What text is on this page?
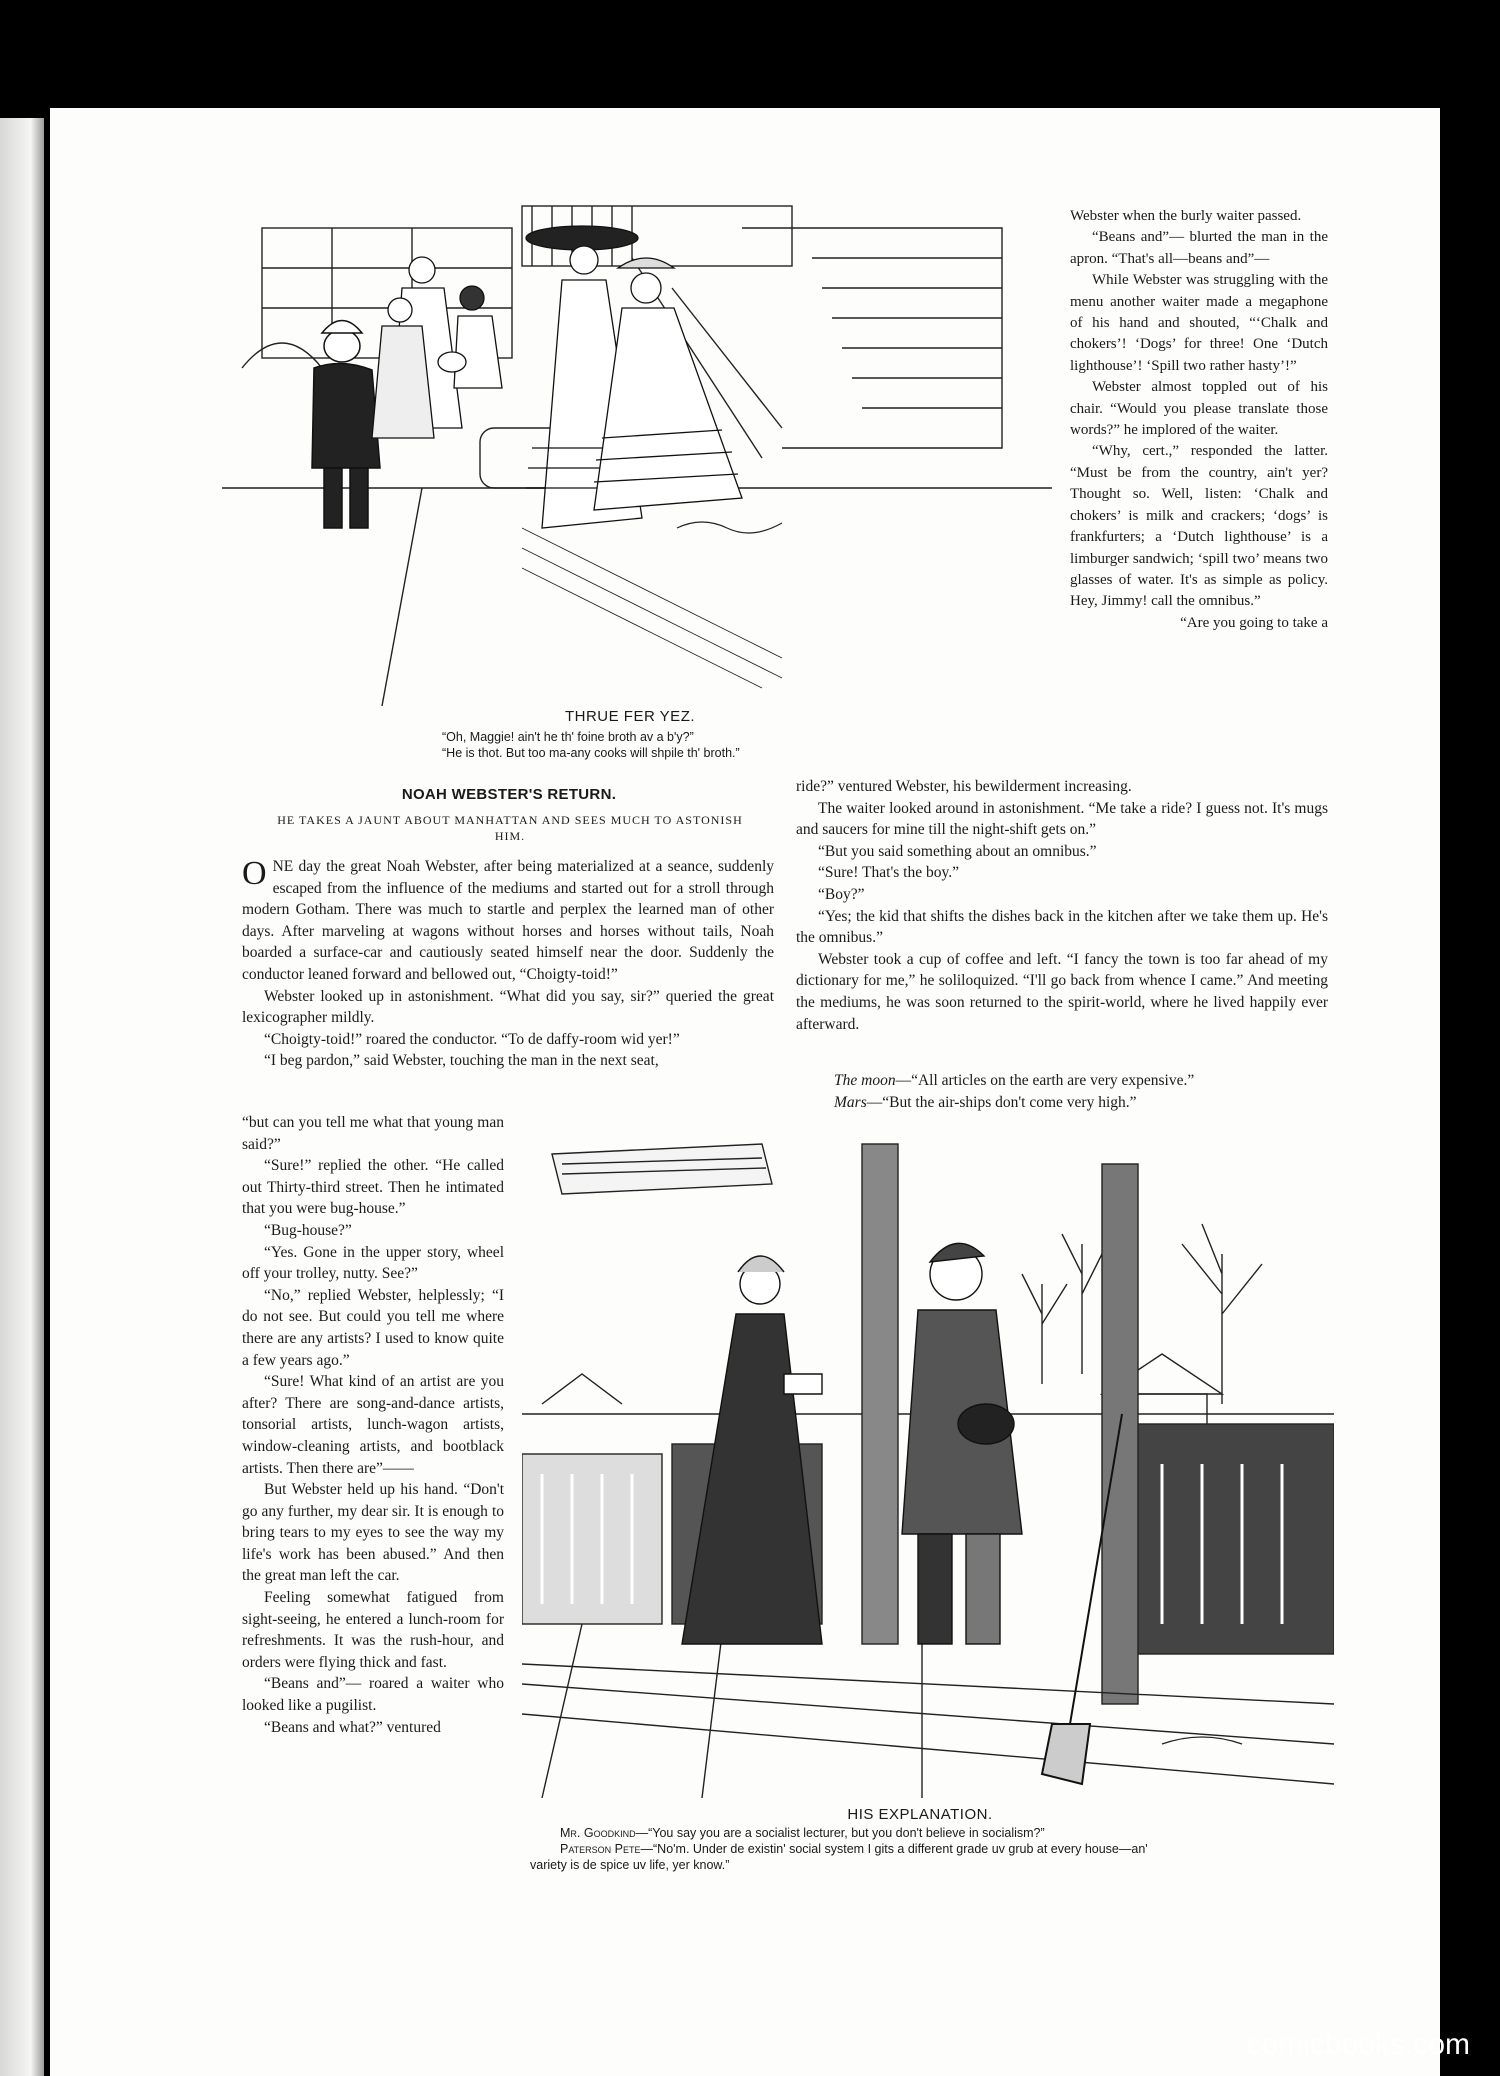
THRUE FER YEZ.
“Oh, Maggie! ain't he th' foine broth av a b'y?”
“He is thot. But too ma-any cooks will shpile th' broth.”

Webster when the burly waiter passed.

“Beans and”— blurted the man in the apron. “That's all—beans and”—

While Webster was struggling with the menu another waiter made a megaphone of his hand and shouted, “‘Chalk and chokers’! ‘Dogs’ for three! One ‘Dutch lighthouse’! ‘Spill two rather hasty’!”

Webster almost toppled out of his chair. “Would you please translate those words?” he implored of the waiter.

“Why, cert.,” responded the latter. “Must be from the country, ain't yer? Thought so. Well, listen: ‘Chalk and chokers’ is milk and crackers; ‘dogs’ is frankfurters; a ‘Dutch lighthouse’ is a limburger sandwich; ‘spill two’ means two glasses of water. It's as simple as policy. Hey, Jimmy! call the omnibus.”

“Are you going to take a

NOAH WEBSTER'S RETURN.
HE TAKES A JAUNT ABOUT MANHATTAN AND SEES MUCH TO ASTONISH HIM.

ONE day the great Noah Webster, after being materialized at a seance, suddenly escaped from the influence of the mediums and started out for a stroll through modern Gotham. There was much to startle and perplex the learned man of other days. After marveling at wagons without horses and horses without tails, Noah boarded a surface-car and cautiously seated himself near the door. Suddenly the conductor leaned forward and bellowed out, “Choigty-toid!”

Webster looked up in astonishment. “What did you say, sir?” queried the great lexicographer mildly.

“Choigty-toid!” roared the conductor. “To de daffy-room wid yer!”

“I beg pardon,” said Webster, touching the man in the next seat,

“but can you tell me what that young man said?”

“Sure!” replied the other. “He called out Thirty-third street. Then he intimated that you were bug-house.”

“Bug-house?”

“Yes. Gone in the upper story, wheel off your trolley, nutty. See?”

“No,” replied Webster, helplessly; “I do not see. But could you tell me where there are any artists? I used to know quite a few years ago.”

“Sure! What kind of an artist are you after? There are song-and-dance artists, tonsorial artists, lunch-wagon artists, window-cleaning artists, and bootblack artists. Then there are”——

But Webster held up his hand. “Don't go any further, my dear sir. It is enough to bring tears to my eyes to see the way my life's work has been abused.” And then the great man left the car.

Feeling somewhat fatigued from sight-seeing, he entered a lunch-room for refreshments. It was the rush-hour, and orders were flying thick and fast.

“Beans and”— roared a waiter who looked like a pugilist.

“Beans and what?” ventured

ride?” ventured Webster, his bewilderment increasing.

The waiter looked around in astonishment. “Me take a ride? I guess not. It's mugs and saucers for mine till the night-shift gets on.”

“But you said something about an omnibus.”

“Sure! That's the boy.”

“Boy?”

“Yes; the kid that shifts the dishes back in the kitchen after we take them up. He's the omnibus.”

Webster took a cup of coffee and left. “I fancy the town is too far ahead of my dictionary for me,” he soliloquized. “I'll go back from whence I came.” And meeting the mediums, he was soon returned to the spirit-world, where he lived happily ever afterward.

The moon—“All articles on the earth are very expensive.”
Mars—“But the air-ships don't come very high.”
HIS EXPLANATION.
Mr. Goodkind—“You say you are a socialist lecturer, but you don't believe in socialism?”
Paterson Pete—“No'm. Under de existin' social system I gits a different grade uv grub at every house—an'
variety is de spice uv life, yer know.”
comicbooks.com
